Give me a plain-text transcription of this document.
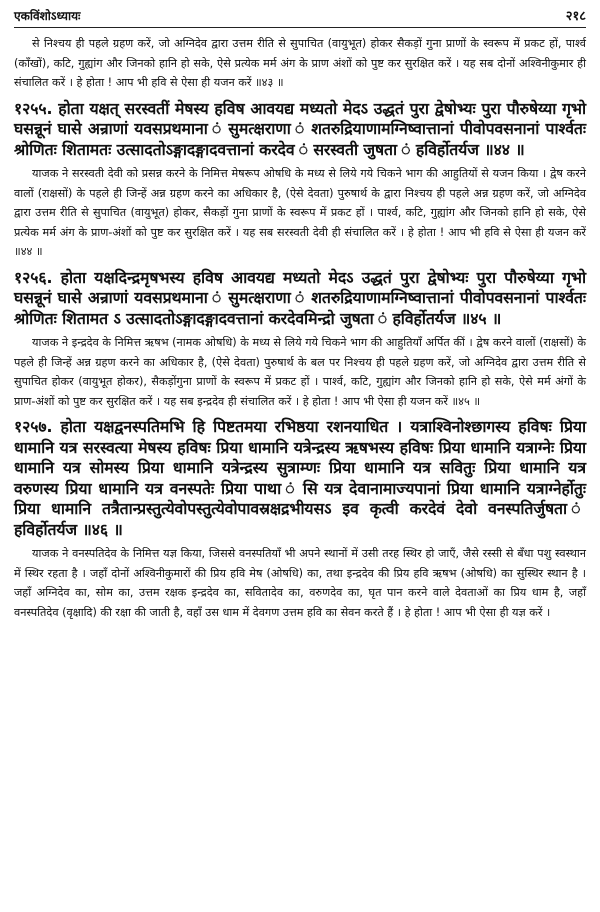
एकविंशोऽध्यायः	२१८

से निश्चय ही पहले ग्रहण करें, जो अग्निदेव द्वारा उत्तम रीति से सुपाचित (वायुभूत) होकर सैकड़ों गुना प्राणों के स्वरूप में प्रकट हों, पार्श्व (काँखों), कटि, गुह्यांग और जिनको हानि हो सके, ऐसे प्रत्येक मर्म अंग के प्राण अंशों को पुष्ट कर सुरक्षित करें । यह सब दोनों अश्विनीकुमार ही संचालित करें । हे होता ! आप भी हवि से ऐसा ही यजन करें ॥४३ ॥

१२५५. होता यक्षत् सरस्वतीं मेषस्य हविष आवयद्य मध्यतो मेदऽ उद्धतं पुरा द्वेषोभ्यः पुरा पौरुषेय्या गृभो घसन्नूनं घासे अन्राणां यवसप्रथमाना ं सुमत्क्षराणा ं शतरुद्रियाणामग्निष्वात्तानां पीवोपवसनानां पार्श्वतः श्रोणितः शितामतः उत्सादतोऽङ्गादङ्गादवत्तानां करदेव ं सरस्वती जुषता ं हविर्होतर्यज ॥४४ ॥

याजक ने सरस्वती देवी को प्रसन्न करने के निमित्त मेषरूप ओषधि के मध्य से लिये गये चिकने भाग की आहुतियों से यजन किया । द्वेष करने वालों (राक्षसों) के पहले ही जिन्हें अन्न ग्रहण करने का अधिकार है, (ऐसे देवता) पुरुषार्थ के द्वारा निश्चय ही पहले अन्न ग्रहण करें, जो अग्निदेव द्वारा उत्तम रीति से सुपाचित (वायुभूत) होकर, सैकड़ों गुना प्राणों के स्वरूप में प्रकट हों । पार्श्व, कटि, गुह्यांग और जिनको हानि हो सके, ऐसे प्रत्येक मर्म अंग के प्राण-अंशों को पुष्ट कर सुरक्षित करें । यह सब सरस्वती देवी ही संचालित करें । हे होता ! आप भी हवि से ऐसा ही यजन करें ॥४४ ॥

१२५६. होता यक्षदिन्द्रमृषभस्य हविष आवयद्य मध्यतो मेदऽ उद्धतं पुरा द्वेषोभ्यः पुरा पौरुषेय्या गृभो घसन्नूनं घासे अन्राणां यवसप्रथमाना ं सुमत्क्षराणा ं शतरुद्रियाणामग्निष्वात्तानां पीवोपवसनानां पार्श्वतः श्रोणितः शितामत ऽ उत्सादतोऽङ्गादङ्गादवत्तानां करदेवमिन्द्रो जुषता ं हविर्होतर्यज ॥४५ ॥

याजक ने इन्द्रदेव के निमित्त ऋषभ (नामक ओषधि) के मध्य से लिये गये चिकने भाग की आहुतियाँ अर्पित कीं । द्वेष करने वालों (राक्षसों) के पहले ही जिन्हें अन्न ग्रहण करने का अधिकार है, (ऐसे देवता) पुरुषार्थ के बल पर निश्चय ही पहले ग्रहण करें, जो अग्निदेव द्वारा उत्तम रीति से सुपाचित होकर (वायुभूत होकर), सैकड़ोंगुना प्राणों के स्वरूप में प्रकट हों । पार्श्व, कटि, गुह्यांग और जिनको हानि हो सके, ऐसे मर्म अंगों के प्राण-अंशों को पुष्ट कर सुरक्षित करें । यह सब इन्द्रदेव ही संचालित करें । हे होता ! आप भी ऐसा ही यजन करें ॥४५ ॥

१२५७. होता यक्षद्वनस्पतिमभि हि पिष्टतमया रभिष्ठया रशनयाधित । यत्राश्विनोश्छागस्य हविषः प्रिया धामानि यत्र सरस्वत्या मेषस्य हविषः प्रिया धामानि यत्रेन्द्रस्य ऋषभस्य हविषः प्रिया धामानि यत्राग्नेः प्रिया धामानि यत्र सोमस्य प्रिया धामानि यत्रेन्द्रस्य सुत्राम्णः प्रिया धामानि यत्र सवितुः प्रिया धामानि यत्र वरुणस्य प्रिया धामानि यत्र वनस्पतेः प्रिया पाथा ं सि यत्र देवानामाज्यपानां प्रिया धामानि यत्राग्नेर्होतुः प्रिया धामानि तत्रैतान्प्रस्तुत्येवोपस्तुत्येवोपावस्रक्षद्रभीयसऽ इव कृत्वी करदेवं देवो वनस्पतिर्जुषता ं हविर्होतर्यज ॥४६ ॥

याजक ने वनस्पतिदेव के निमित्त यज्ञ किया, जिससे वनस्पतियाँ भी अपने स्थानों में उसी तरह स्थिर हो जाएँ, जैसे रस्सी से बँधा पशु स्वस्थान में स्थिर रहता है । जहाँ दोनों अश्विनीकुमारों की प्रिय हवि मेष (ओषधि) का, तथा इन्द्रदेव की प्रिय हवि ऋषभ (ओषधि) का सुस्थिर स्थान है । जहाँ अग्निदेव का, सोम का, उत्तम रक्षक इन्द्रदेव का, सवितादेव का, वरुणदेव का, घृत पान करने वाले देवताओं का प्रिय धाम है, जहाँ वनस्पतिदेव (वृक्षादि) की रक्षा की जाती है, वहाँ उस धाम में देवगण उत्तम हवि का सेवन करते हैं । हे होता ! आप भी ऐसा ही यज्ञ करें ।
